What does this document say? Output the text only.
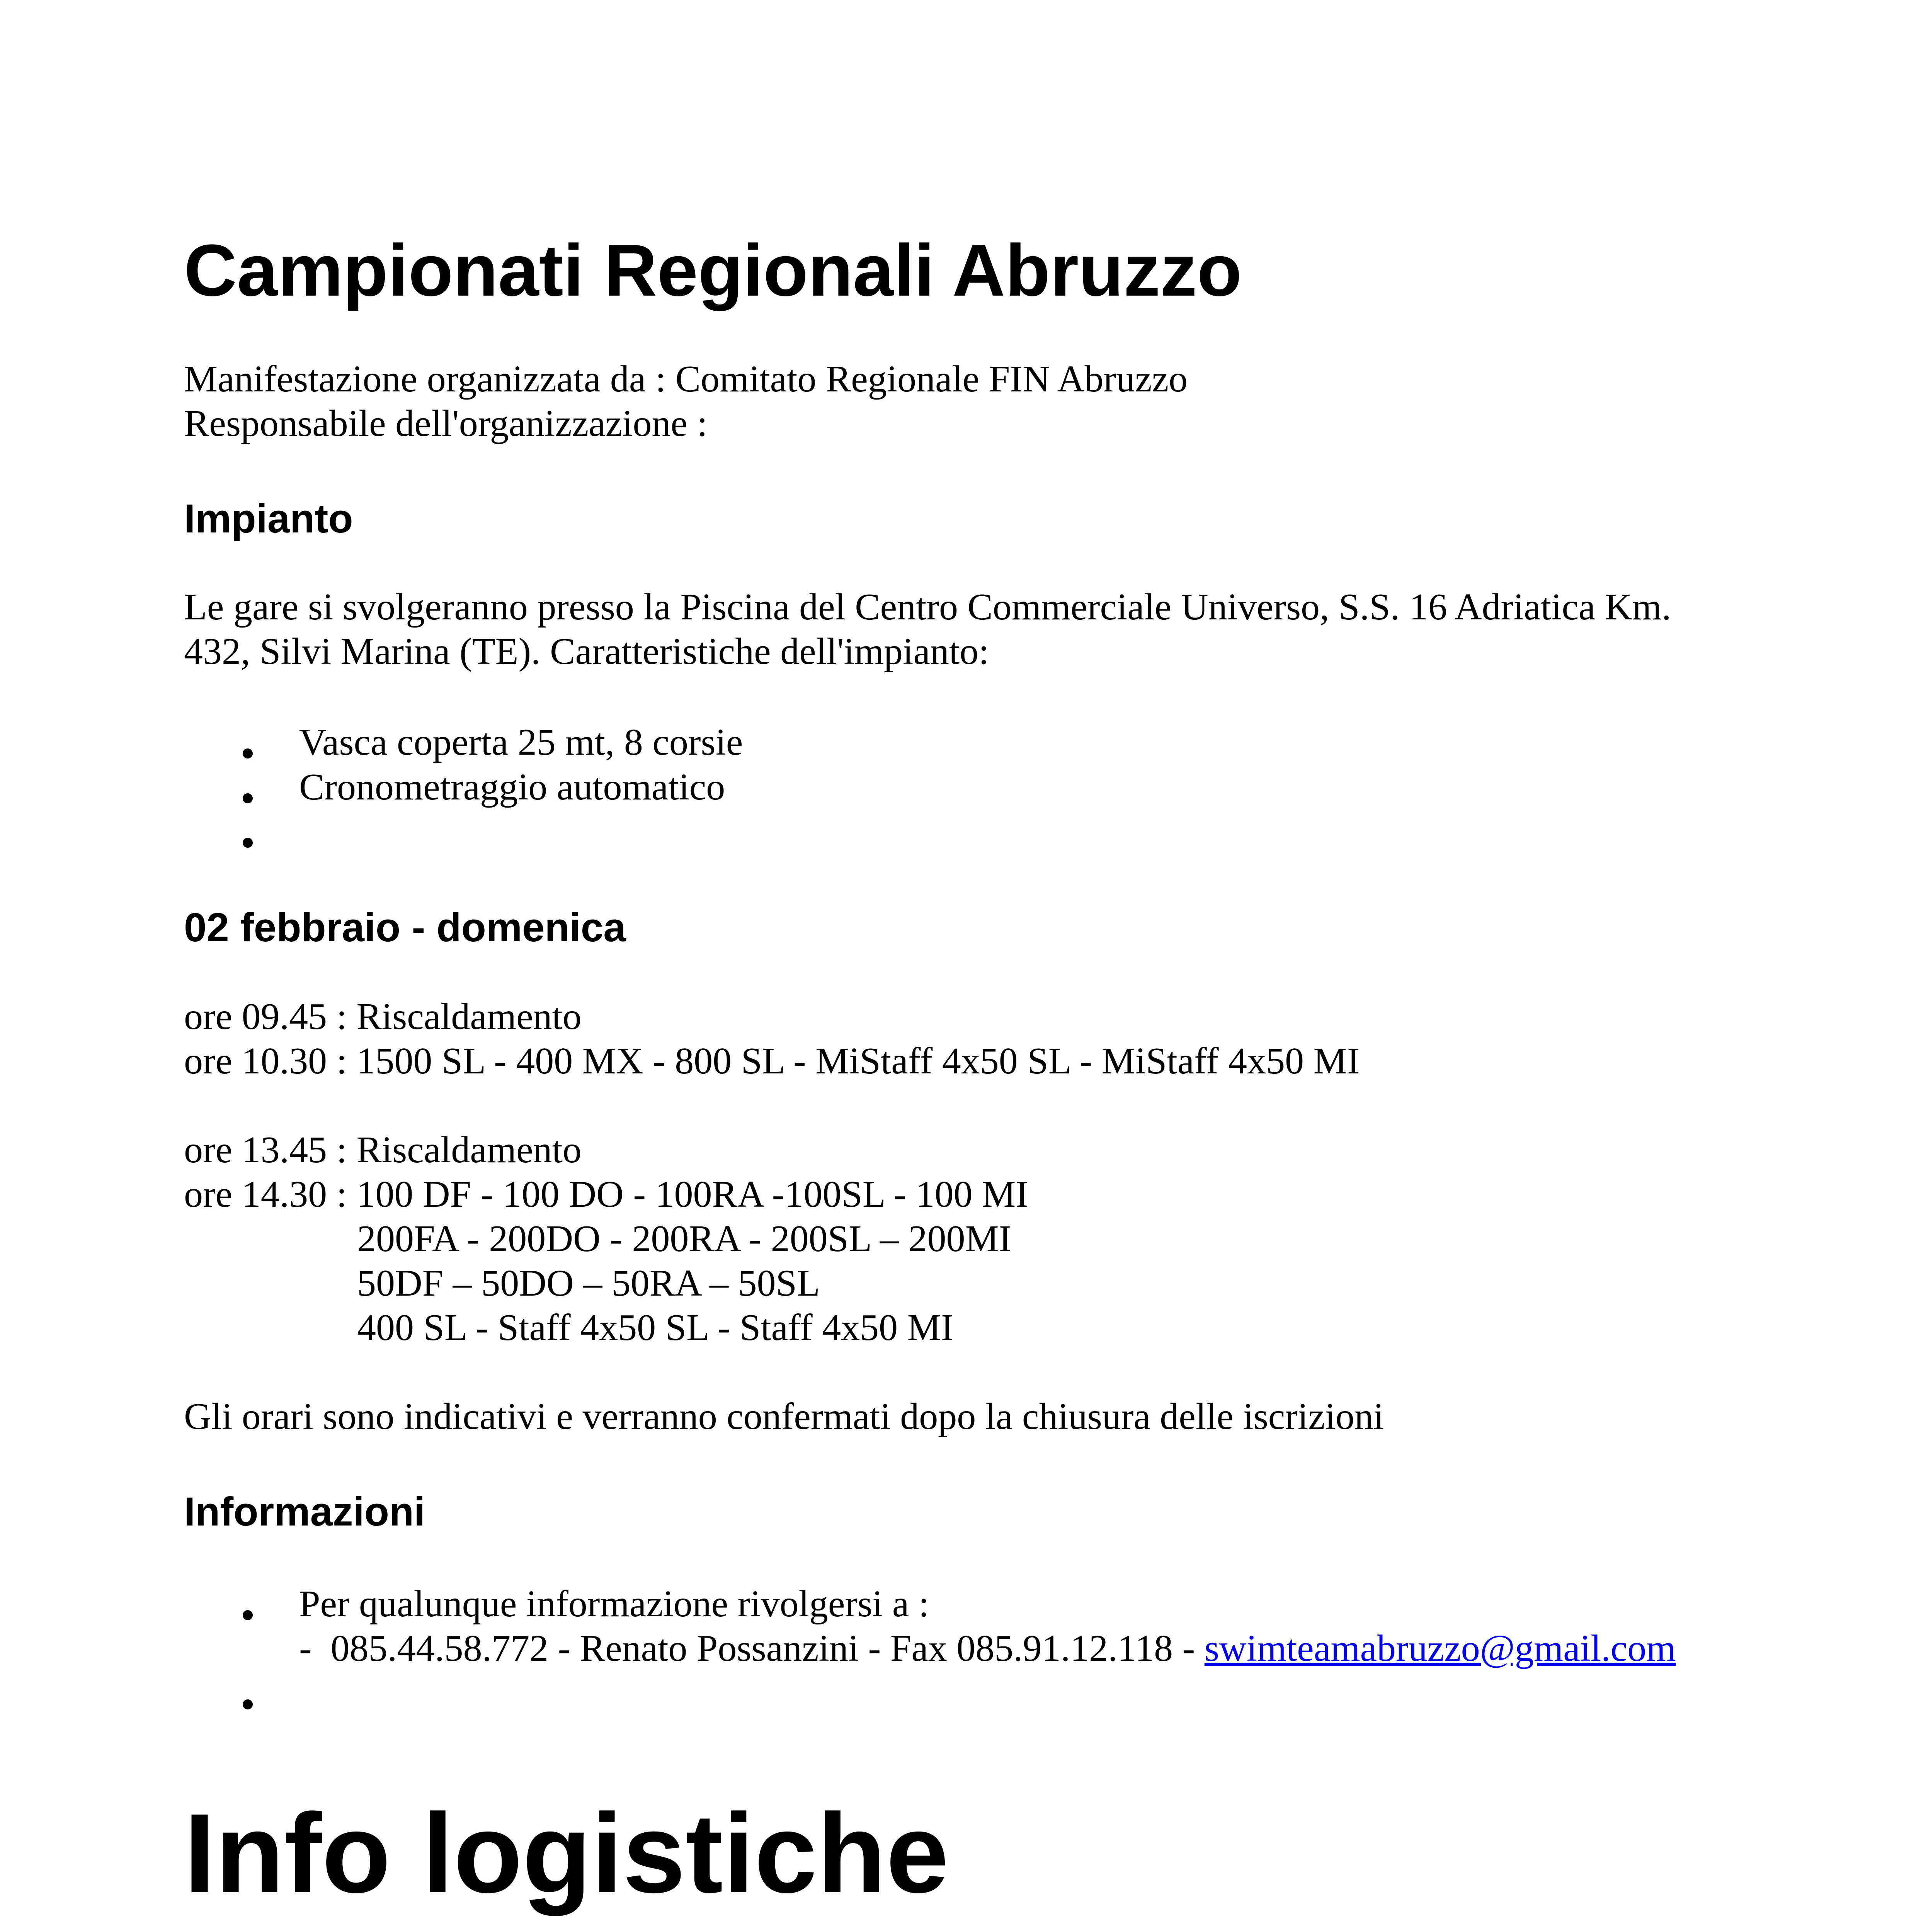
Campionati Regionali Abruzzo
Manifestazione organizzata da : Comitato Regionale FIN Abruzzo
Responsabile dell'organizzazione :
Impianto
Le gare si svolgeranno presso la Piscina del Centro Commerciale Universo, S.S. 16 Adriatica Km.
432, Silvi Marina (TE). Caratteristiche dell'impianto:
Vasca coperta 25 mt, 8 corsie
Cronometraggio automatico
02 febbraio - domenica
ore 09.45 : Riscaldamento
ore 10.30 : 1500 SL - 400 MX - 800 SL - MiStaff 4x50 SL - MiStaff 4x50 MI
ore 13.45 : Riscaldamento
ore 14.30 : 100 DF - 100 DO - 100RA -100SL - 100 MI
200FA - 200DO - 200RA - 200SL – 200MI
50DF – 50DO – 50RA – 50SL
400 SL - Staff 4x50 SL - Staff 4x50 MI
Gli orari sono indicativi e verranno confermati dopo la chiusura delle iscrizioni
Informazioni
Per qualunque informazione rivolgersi a :
-  085.44.58.772 - Renato Possanzini - Fax 085.91.12.118 - swimteamabruzzo@gmail.com
Info logistiche
